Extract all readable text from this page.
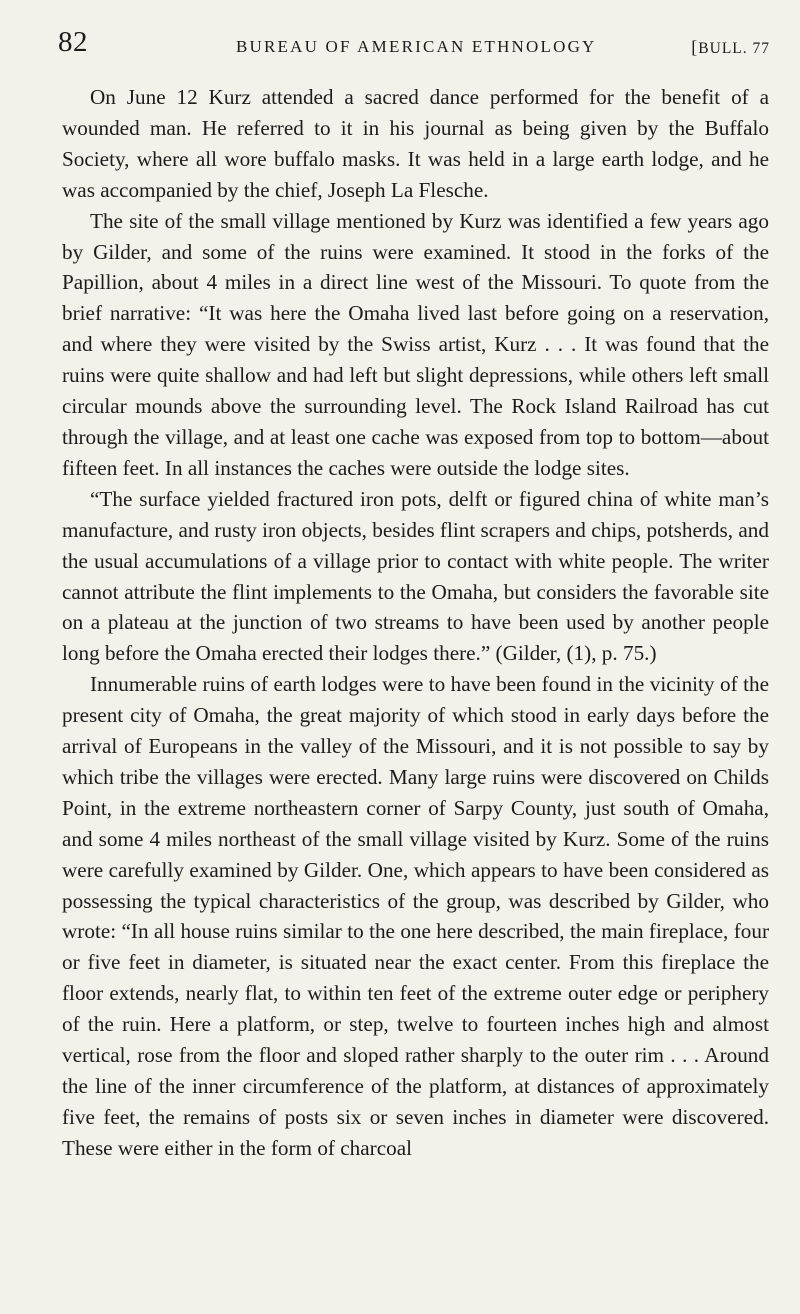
82	BUREAU OF AMERICAN ETHNOLOGY	[BULL. 77

On June 12 Kurz attended a sacred dance performed for the benefit of a wounded man. He referred to it in his journal as being given by the Buffalo Society, where all wore buffalo masks. It was held in a large earth lodge, and he was accompanied by the chief, Joseph La Flesche.

The site of the small village mentioned by Kurz was identified a few years ago by Gilder, and some of the ruins were examined. It stood in the forks of the Papillion, about 4 miles in a direct line west of the Missouri. To quote from the brief narrative: “It was here the Omaha lived last before going on a reservation, and where they were visited by the Swiss artist, Kurz . . . It was found that the ruins were quite shallow and had left but slight depressions, while others left small circular mounds above the surrounding level. The Rock Island Railroad has cut through the village, and at least one cache was exposed from top to bottom—about fifteen feet. In all instances the caches were outside the lodge sites.

“The surface yielded fractured iron pots, delft or figured china of white man’s manufacture, and rusty iron objects, besides flint scrapers and chips, potsherds, and the usual accumulations of a village prior to contact with white people. The writer cannot attribute the flint implements to the Omaha, but considers the favorable site on a plateau at the junction of two streams to have been used by another people long before the Omaha erected their lodges there.” (Gilder, (1), p. 75.)

Innumerable ruins of earth lodges were to have been found in the vicinity of the present city of Omaha, the great majority of which stood in early days before the arrival of Europeans in the valley of the Missouri, and it is not possible to say by which tribe the villages were erected. Many large ruins were discovered on Childs Point, in the extreme northeastern corner of Sarpy County, just south of Omaha, and some 4 miles northeast of the small village visited by Kurz. Some of the ruins were carefully examined by Gilder. One, which appears to have been considered as possessing the typical characteristics of the group, was described by Gilder, who wrote: “In all house ruins similar to the one here described, the main fireplace, four or five feet in diameter, is situated near the exact center. From this fireplace the floor extends, nearly flat, to within ten feet of the extreme outer edge or periphery of the ruin. Here a platform, or step, twelve to fourteen inches high and almost vertical, rose from the floor and sloped rather sharply to the outer rim . . . Around the line of the inner circumference of the platform, at distances of approximately five feet, the remains of posts six or seven inches in diameter were discovered. These were either in the form of charcoal
